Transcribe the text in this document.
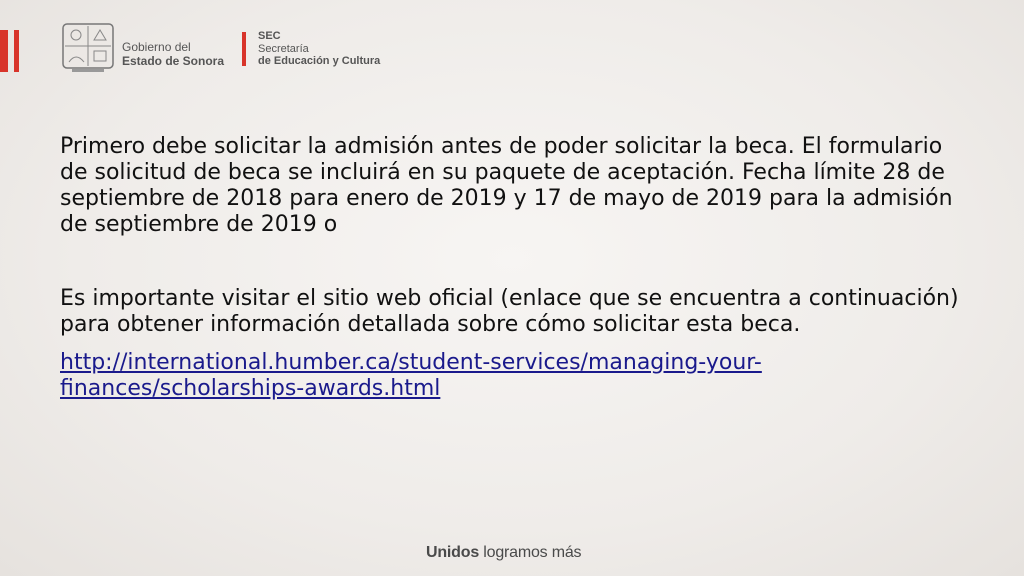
Gobierno del
Estado de Sonora
SEC
Secretaría
de Educación y Cultura

Primero debe solicitar la admisión antes de poder solicitar la beca. El formulario de solicitud de beca se incluirá en su paquete de aceptación. Fecha límite 28 de septiembre de 2018 para enero de 2019 y 17 de mayo de 2019 para la admisión de septiembre de 2019 o

Es importante visitar el sitio web oficial (enlace que se encuentra a continuación) para obtener información detallada sobre cómo solicitar esta beca.

http://international.humber.ca/student-services/managing-your-finances/scholarships-awards.html

Unidos logramos más
